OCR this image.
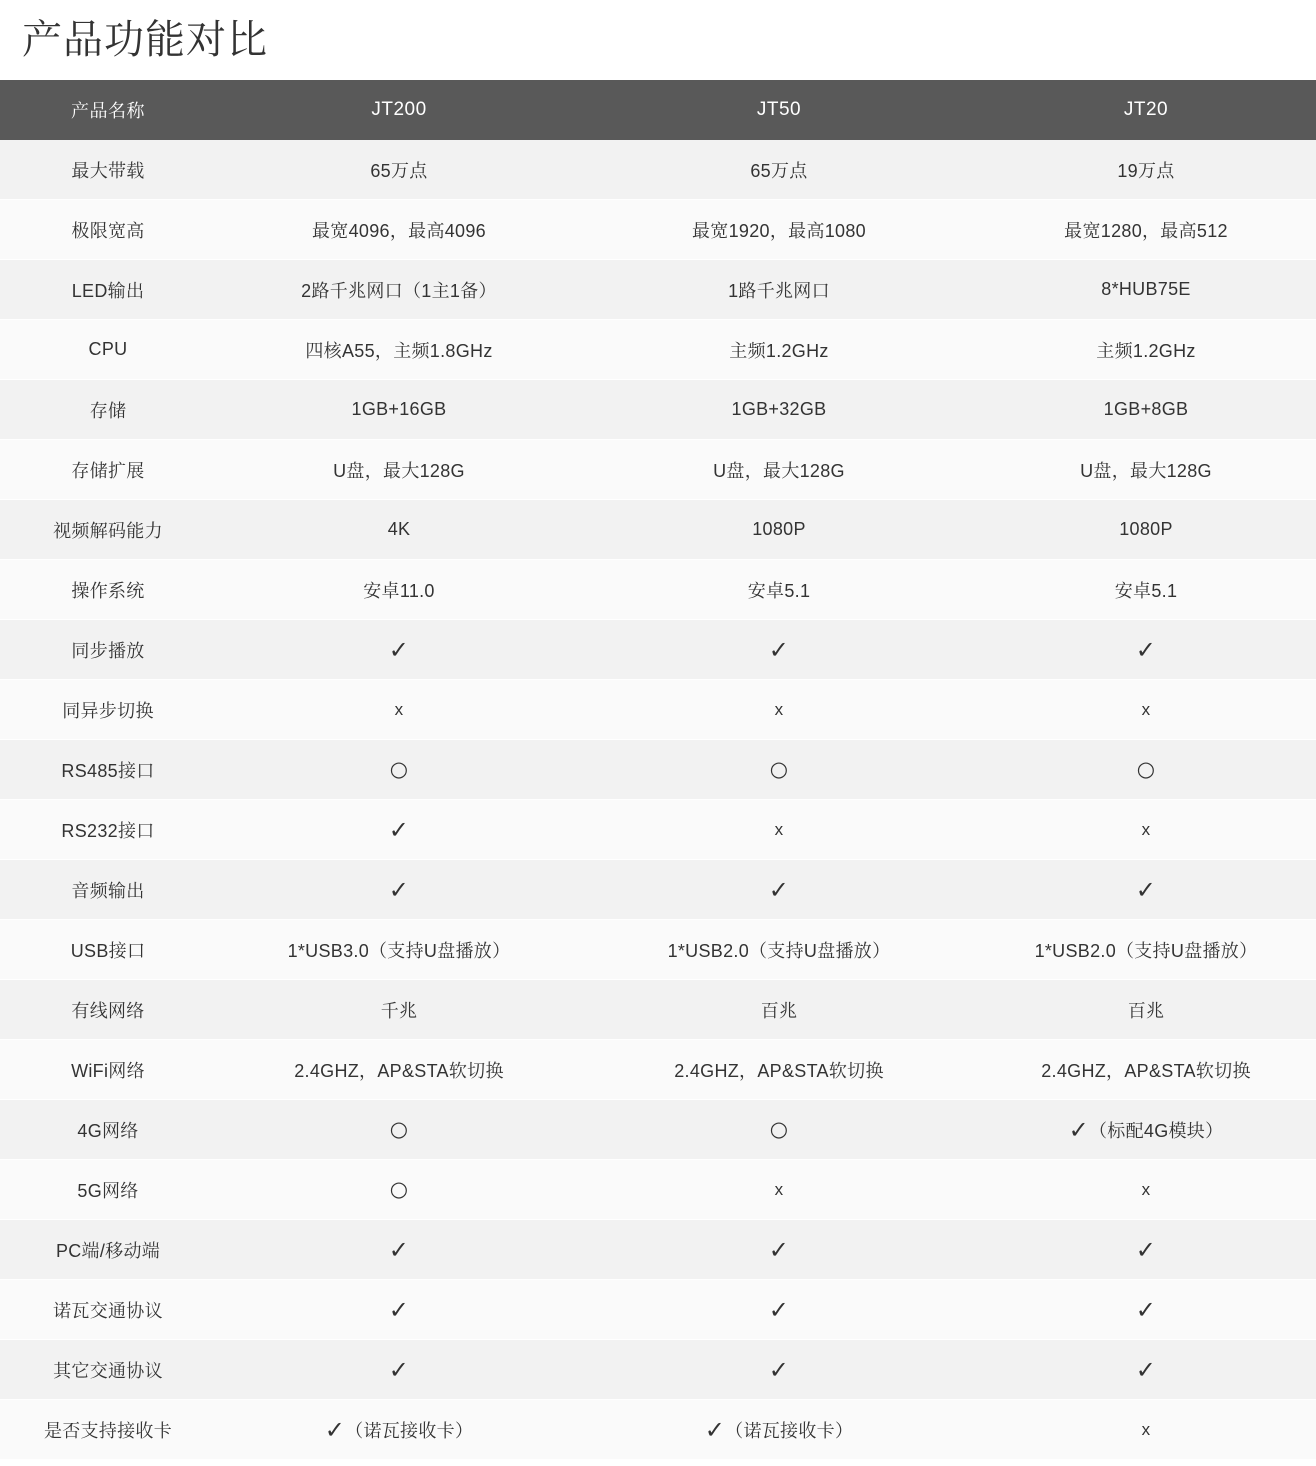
产品功能对比
产品名称	JT200	JT50	JT20
最大带载	65万点	65万点	19万点
极限宽高	最宽4096，最高4096	最宽1920，最高1080	最宽1280，最高512
LED输出	2路千兆网口（1主1备）	1路千兆网口	8*HUB75E
CPU	四核A55，主频1.8GHz	主频1.2GHz	主频1.2GHz
存储	1GB+16GB	1GB+32GB	1GB+8GB
存储扩展	U盘，最大128G	U盘，最大128G	U盘，最大128G
视频解码能力	4K	1080P	1080P
操作系统	安卓11.0	安卓5.1	安卓5.1
同步播放	✓	✓	✓
同异步切换	x	x	x
RS485接口	○	○	○
RS232接口	✓	x	x
音频输出	✓	✓	✓
USB接口	1*USB3.0（支持U盘播放）	1*USB2.0（支持U盘播放）	1*USB2.0（支持U盘播放）
有线网络	千兆	百兆	百兆
WiFi网络	2.4GHZ，AP&STA软切换	2.4GHZ，AP&STA软切换	2.4GHZ，AP&STA软切换
4G网络	○	○	✓（标配4G模块）
5G网络	○	x	x
PC端/移动端	✓	✓	✓
诺瓦交通协议	✓	✓	✓
其它交通协议	✓	✓	✓
是否支持接收卡	✓（诺瓦接收卡）	✓（诺瓦接收卡）	x
